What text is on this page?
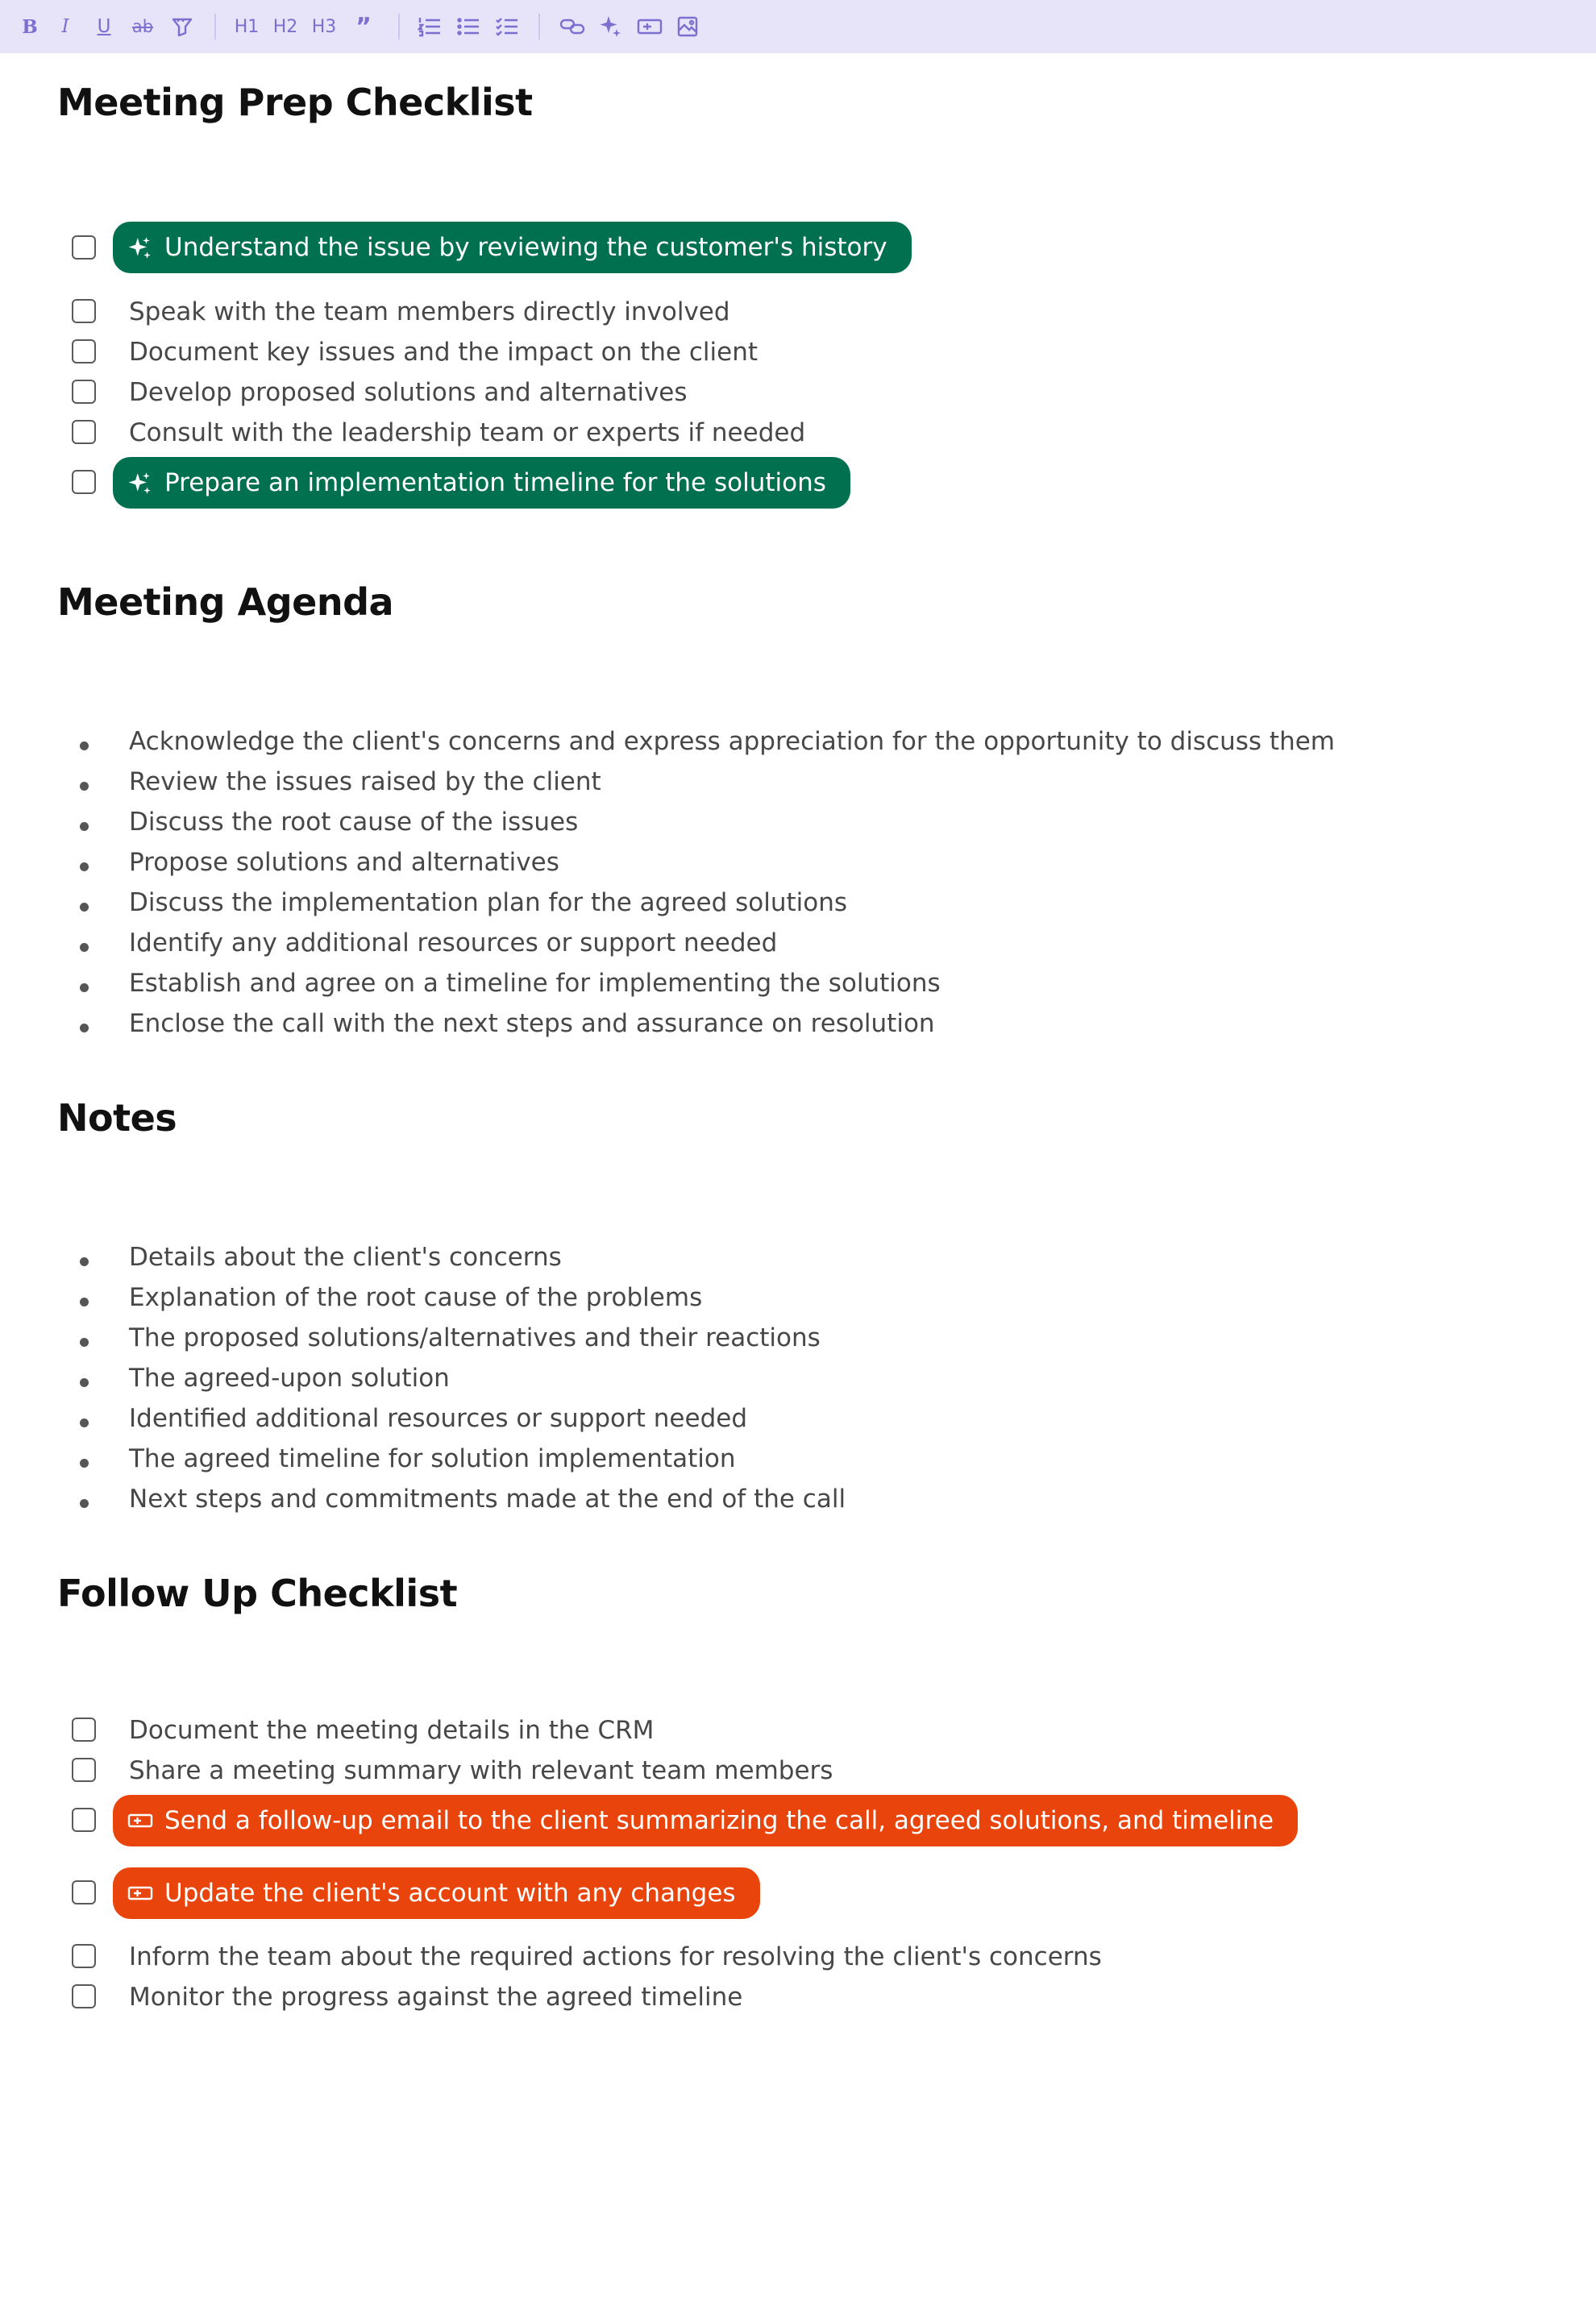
B	I	U ab	H1 H2 H3 ”
Meeting Prep Checklist
Understand the issue by reviewing the customer's history
Speak with the team members directly involved
Document key issues and the impact on the client
Develop proposed solutions and alternatives
Consult with the leadership team or experts if needed
Prepare an implementation timeline for the solutions
Meeting Agenda
Acknowledge the client's concerns and express appreciation for the opportunity to discuss them
Review the issues raised by the client
Discuss the root cause of the issues
Propose solutions and alternatives
Discuss the implementation plan for the agreed solutions
Identify any additional resources or support needed
Establish and agree on a timeline for implementing the solutions
Enclose the call with the next steps and assurance on resolution
Notes
Details about the client's concerns
Explanation of the root cause of the problems
The proposed solutions/alternatives and their reactions
The agreed-upon solution
Identified additional resources or support needed
The agreed timeline for solution implementation
Next steps and commitments made at the end of the call
Follow Up Checklist
Document the meeting details in the CRM
Share a meeting summary with relevant team members
Send a follow-up email to the client summarizing the call, agreed solutions, and timeline
Update the client's account with any changes
Inform the team about the required actions for resolving the client's concerns
Monitor the progress against the agreed timeline
